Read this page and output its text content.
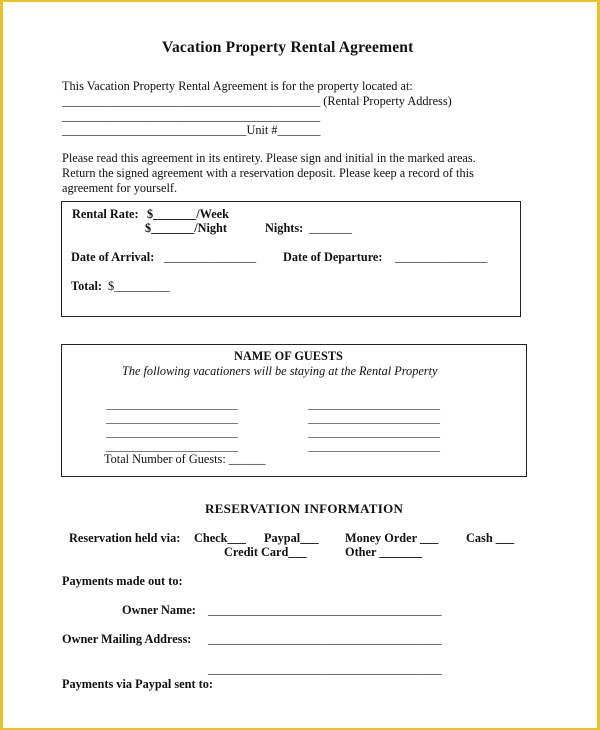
Vacation Property Rental Agreement
This Vacation Property Rental Agreement is for the property located at:
__________________________________________ (Rental Property Address)
__________________________________________
______________________________Unit #_______
Please read this agreement in its entirety. Please sign and initial in the marked areas.
Return the signed agreement with a reservation deposit. Please keep a record of this
agreement for yourself.
Rental Rate: $_______/Week
$_______/Night	Nights: _______
Date of Arrival: _______________ Date of Departure: _______________
Total: $_________
NAME OF GUESTS
The following vacationers will be staying at the Rental Property
______________________
______________________
______________________
______________________
______________________
______________________
______________________
______________________
Total Number of Guests: ______
RESERVATION INFORMATION
Reservation held via: Check___ Paypal___ Money Order ___ Cash ___
Credit Card___	Other _______
Payments made out to:
Owner Name: ______________________________________
Owner Mailing Address: ______________________________________
______________________________________
Payments via Paypal sent to:
